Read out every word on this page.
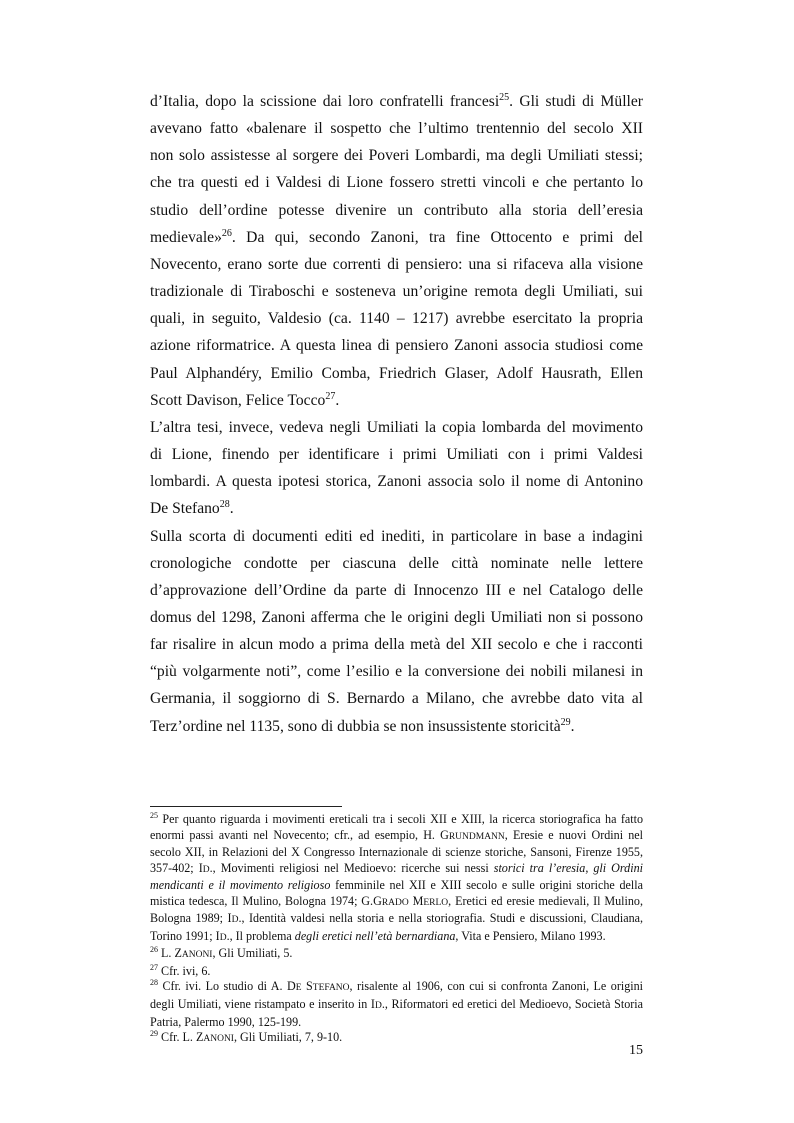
d’Italia, dopo la scissione dai loro confratelli francesi$^{25}$. Gli studi di Müller
avevano fatto «balenare il sospetto che l’ultimo trentennio del secolo XII
non solo assistesse al sorgere dei Poveri Lombardi, ma degli Umiliati stessi;
che tra questi ed i Valdesi di Lione fossero stretti vincoli e che pertanto lo
studio dell’ordine potesse divenire un contributo alla storia dell’eresia
medievale»$^{26}$. Da qui, secondo Zanoni, tra fine Ottocento e primi del
Novecento, erano sorte due correnti di pensiero: una si rifaceva alla visione
tradizionale di Tiraboschi e sosteneva un’origine remota degli Umiliati, sui
quali, in seguito, Valdesio (ca. 1140 – 1217) avrebbe esercitato la propria
azione riformatrice. A questa linea di pensiero Zanoni associa studiosi come
Paul Alphandéry, Emilio Comba, Friedrich Glaser, Adolf Hausrath, Ellen
Scott Davison, Felice Tocco$^{27}$.
L’altra tesi, invece, vedeva negli Umiliati la copia lombarda del movimento
di Lione, finendo per identificare i primi Umiliati con i primi Valdesi
lombardi. A questa ipotesi storica, Zanoni associa solo il nome di Antonino
De Stefano$^{28}$.
Sulla scorta di documenti editi ed inediti, in particolare in base a indagini
cronologiche condotte per ciascuna delle città nominate nelle lettere
d’approvazione dell’Ordine da parte di Innocenzo III e nel Catalogo delle
domus del 1298, Zanoni afferma che le origini degli Umiliati non si possono
far risalire in alcun modo a prima della metà del XII secolo e che i racconti
“più volgarmente noti”, come l’esilio e la conversione dei nobili milanesi in
Germania, il soggiorno di S. Bernardo a Milano, che avrebbe dato vita al
Terz’ordine nel 1135, sono di dubbia se non insussistente storicità$^{29}$.
$^{25}$ Per quanto riguarda i movimenti ereticali tra i secoli XII e XIII, la ricerca storiografica ha fatto enormi passi avanti nel Novecento; cfr., ad esempio, H. GRUNDMANN, Eresie e nuovi Ordini nel secolo XII, in Relazioni del X Congresso Internazionale di scienze storiche, Sansoni, Firenze 1955, 357-402; ID., Movimenti religiosi nel Medioevo: ricerche sui nessi storici tra l’eresia, gli Ordini mendicanti e il movimento religioso femminile nel XII e XIII secolo e sulle origini storiche della mistica tedesca, Il Mulino, Bologna 1974; G.GRADO MERLO, Eretici ed eresie medievali, Il Mulino, Bologna 1989; ID., Identità valdesi nella storia e nella storiografia. Studi e discussioni, Claudiana, Torino 1991; ID., Il problema degli eretici nell’età bernardiana, Vita e Pensiero, Milano 1993.
$^{26}$ L. ZANONI, Gli Umiliati, 5.
$^{27}$ Cfr. ivi, 6.
$^{28}$ Cfr. ivi. Lo studio di A. DE STEFANO, risalente al 1906, con cui si confronta Zanoni, Le origini degli Umiliati, viene ristampato e inserito in ID., Riformatori ed eretici del Medioevo, Società Storia Patria, Palermo 1990, 125-199.
$^{29}$ Cfr. L. ZANONI, Gli Umiliati, 7, 9-10.
15
